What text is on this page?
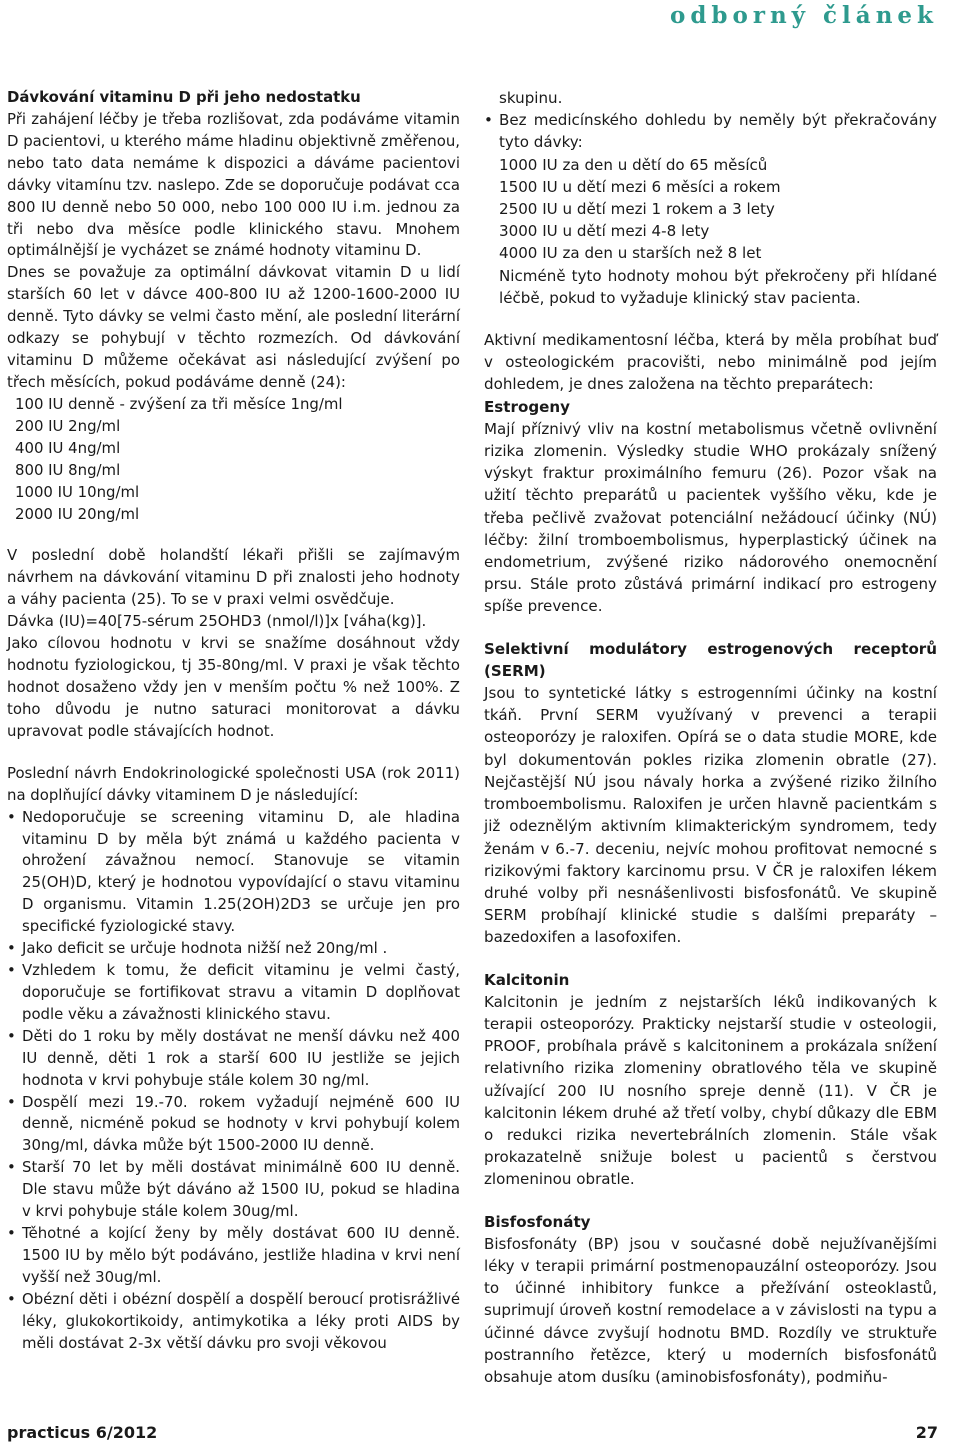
odborný článek
Dávkování vitaminu D při jeho nedostatku

Při zahájení léčby je třeba rozlišovat, zda podáváme vitamin D pacientovi, u kterého máme hladinu objektivně změřenou, nebo tato data nemáme k dispozici a dáváme pacientovi dávky vitamínu tzv. naslepo. Zde se doporučuje podávat cca 800 IU denně nebo 50 000, nebo 100 000 IU i.m. jednou za tři nebo dva měsíce podle klinického stavu. Mnohem optimálnější je vycházet se známé hodnoty vitaminu D.

Dnes se považuje za optimální dávkovat vitamin D u lidí starších 60 let v dávce 400-800 IU až 1200-1600-2000 IU denně. Tyto dávky se velmi často mění, ale poslední literární odkazy se pohybují v těchto rozmezích. Od dávkování vitaminu D můžeme očekávat asi následující zvýšení po třech měsících, pokud podáváme denně (24):

100 IU denně - zvýšení za tři měsíce 1ng/ml
200 IU 2ng/ml
400 IU 4ng/ml
800 IU 8ng/ml
1000 IU 10ng/ml
2000 IU 20ng/ml

V poslední době holandští lékaři přišli se zajímavým návrhem na dávkování vitaminu D při znalosti jeho hodnoty a váhy pacienta (25). To se v praxi velmi osvědčuje.

Dávka (IU)=40[75-sérum 25OHD3 (nmol/l)]x [váha(kg)].

Jako cílovou hodnotu v krvi se snažíme dosáhnout vždy hodnotu fyziologickou, tj 35-80ng/ml. V praxi je však těchto hodnot dosaženo vždy jen v menším počtu % než 100%. Z toho důvodu je nutno saturaci monitorovat a dávku upravovat podle stávajících hodnot.

Poslední návrh Endokrinologické společnosti USA (rok 2011) na doplňující dávky vitaminem D je následující:

• Nedoporučuje se screening vitaminu D, ale hladina vitaminu D by měla být známá u každého pacienta v ohrožení závažnou nemocí. Stanovuje se vitamin 25(OH)D, který je hodnotou vypovídající o stavu vitaminu D organismu. Vitamin 1.25(2OH)2D3 se určuje jen pro specifické fyziologické stavy.
• Jako deficit se určuje hodnota nižší než 20ng/ml .
• Vzhledem k tomu, že deficit vitaminu je velmi častý, doporučuje se fortifikovat stravu a vitamin D doplňovat podle věku a závažnosti klinického stavu.
• Děti do 1 roku by měly dostávat ne menší dávku než 400 IU denně, děti 1 rok a starší 600 IU jestliže se jejich hodnota v krvi pohybuje stále kolem 30 ng/ml.
• Dospělí mezi 19.-70. rokem vyžadují nejméně 600 IU denně, nicméně pokud se hodnoty v krvi pohybují kolem 30ng/ml, dávka může být 1500-2000 IU denně.
• Starší 70 let by měli dostávat minimálně 600 IU denně. Dle stavu může být dáváno až 1500 IU, pokud se hladina v krvi pohybuje stále kolem 30ug/ml.
• Těhotné a kojící ženy by měly dostávat 600 IU denně. 1500 IU by mělo být podáváno, jestliže hladina v krvi není vyšší než 30ug/ml.
• Obézní děti i obézní dospělí a dospělí beroucí protisrážlivé léky, glukokortikoidy, antimykotika a léky proti AIDS by měli dostávat 2-3x větší dávku pro svoji věkovou
skupinu.
• Bez medicínského dohledu by neměly být překračovány tyto dávky:
1000 IU za den u dětí do 65 měsíců
1500 IU u dětí mezi 6 měsíci a rokem
2500 IU u dětí mezi 1 rokem a 3 lety
3000 IU u dětí mezi 4-8 lety
4000 IU za den u starších než 8 let
Nicméně tyto hodnoty mohou být překročeny při hlídané léčbě, pokud to vyžaduje klinický stav pacienta.

Aktivní medikamentosní léčba, která by měla probíhat buď v osteologickém pracovišti, nebo minimálně pod jejím dohledem, je dnes založena na těchto preparátech:

Estrogeny

Mají příznivý vliv na kostní metabolismus včetně ovlivnění rizika zlomenin. Výsledky studie WHO prokázaly snížený výskyt fraktur proximálního femuru (26). Pozor však na užití těchto preparátů u pacientek vyššího věku, kde je třeba pečlivě zvažovat potenciální nežádoucí účinky (NÚ) léčby: žilní tromboembolismus, hyperplastický účinek na endometrium, zvýšené riziko nádorového onemocnění prsu. Stále proto zůstává primární indikací pro estrogeny spíše prevence.

Selektivní modulátory estrogenových receptorů (SERM)

Jsou to syntetické látky s estrogenními účinky na kostní tkáň. První SERM využívaný v prevenci a terapii osteoporózy je raloxifen. Opírá se o data studie MORE, kde byl dokumentován pokles rizika zlomenin obratle (27). Nejčastější NÚ jsou návaly horka a zvýšené riziko žilního tromboembolismu. Raloxifen je určen hlavně pacientkám s již odeznělým aktivním klimakterickým syndromem, tedy ženám v 6.-7. deceniu, nejvíc mohou profitovat nemocné s rizikovými faktory karcinomu prsu. V ČR je raloxifen lékem druhé volby při nesnášenlivosti bisfosfonátů. Ve skupině SERM probíhají klinické studie s dalšími preparáty – bazedoxifen a lasofoxifen.

Kalcitonin

Kalcitonin je jedním z nejstarších léků indikovaných k terapii osteoporózy. Prakticky nejstarší studie v osteologii, PROOF, probíhala právě s kalcitoninem a prokázala snížení relativního rizika zlomeniny obratlového těla ve skupině užívající 200 IU nosního spreje denně (11). V ČR je kalcitonin lékem druhé až třetí volby, chybí důkazy dle EBM o redukci rizika nevertebrálních zlomenin. Stále však prokazatelně snižuje bolest u pacientů s čerstvou zlomeninou obratle.

Bisfosfonáty

Bisfosfonáty (BP) jsou v současné době nejužívanějšími léky v terapii primární postmenopauzální osteoporózy. Jsou to účinné inhibitory funkce a přežívání osteoklastů, suprimují úroveň kostní remodelace a v závislosti na typu a účinné dávce zvyšují hodnotu BMD. Rozdíly ve struktuře postranního řetězce, který u moderních bisfosfonátů obsahuje atom dusíku (aminobisfosfonáty), podmiňu-

practicus 6/2012	27
